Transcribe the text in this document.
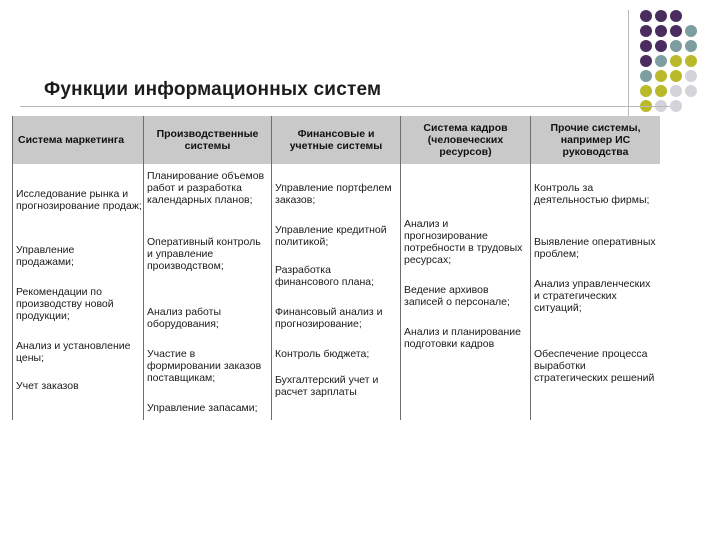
Функции информационных систем
Система маркетинга	Производственные системы
Финансовые и учетные системы
Система кадров (человеческих ресурсов)
Прочие системы, например ИС руководства
Исследование рынка и прогнозирование продаж;
Управление продажами;
Рекомендации по производству новой продукции;
Анализ и установление цены;
Учет заказов
Планирование объемов работ и разработка календарных планов;
Оперативный контроль и управление производством;
Анализ работы оборудования;
Участие в формировании заказов поставщикам;
Управление запасами;
Управление портфелем заказов;
Управление кредитной политикой;
Разработка финансового плана;
Финансовый анализ и прогнозирование;
Контроль бюджета;
Бухгалтерский учет и расчет зарплаты
Анализ и прогнозирование потребности в трудовых ресурсах;
Ведение архивов записей о персонале;
Анализ и планирование подготовки кадров
Контроль за деятельностью фирмы;
Выявление оперативных проблем;
Анализ управленческих и стратегических ситуаций;
Обеспечение процесса выработки стратегических решений
